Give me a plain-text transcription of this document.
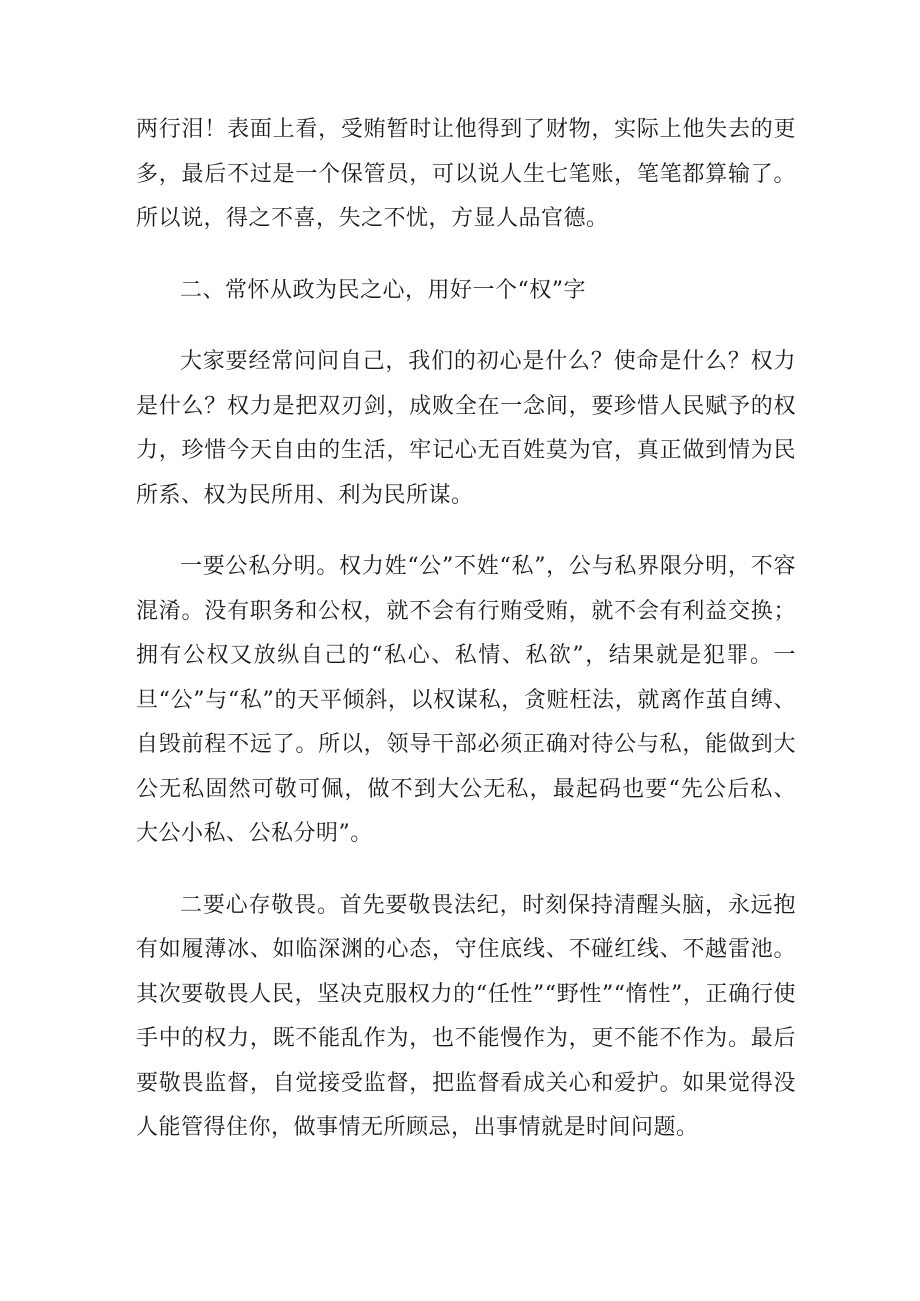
两行泪！表面上看，受贿暂时让他得到了财物，实际上他失去的更多，最后不过是一个保管员，可以说人生七笔账，笔笔都算输了。所以说，得之不喜，失之不忧，方显人品官德。

二、常怀从政为民之心，用好一个“权”字

大家要经常问问自己，我们的初心是什么？使命是什么？权力是什么？权力是把双刃剑，成败全在一念间，要珍惜人民赋予的权力，珍惜今天自由的生活，牢记心无百姓莫为官，真正做到情为民所系、权为民所用、利为民所谋。

一要公私分明。权力姓“公”不姓“私”，公与私界限分明，不容混淆。没有职务和公权，就不会有行贿受贿，就不会有利益交换；拥有公权又放纵自己的“私心、私情、私欲”，结果就是犯罪。一旦“公”与“私”的天平倾斜，以权谋私，贪赃枉法，就离作茧自缚、自毁前程不远了。所以，领导干部必须正确对待公与私，能做到大公无私固然可敬可佩，做不到大公无私，最起码也要“先公后私、大公小私、公私分明”。

二要心存敬畏。首先要敬畏法纪，时刻保持清醒头脑，永远抱有如履薄冰、如临深渊的心态，守住底线、不碰红线、不越雷池。其次要敬畏人民，坚决克服权力的“任性”“野性”“惰性”，正确行使手中的权力，既不能乱作为，也不能慢作为，更不能不作为。最后要敬畏监督，自觉接受监督，把监督看成关心和爱护。如果觉得没人能管得住你，做事情无所顾忌，出事情就是时间问题。
